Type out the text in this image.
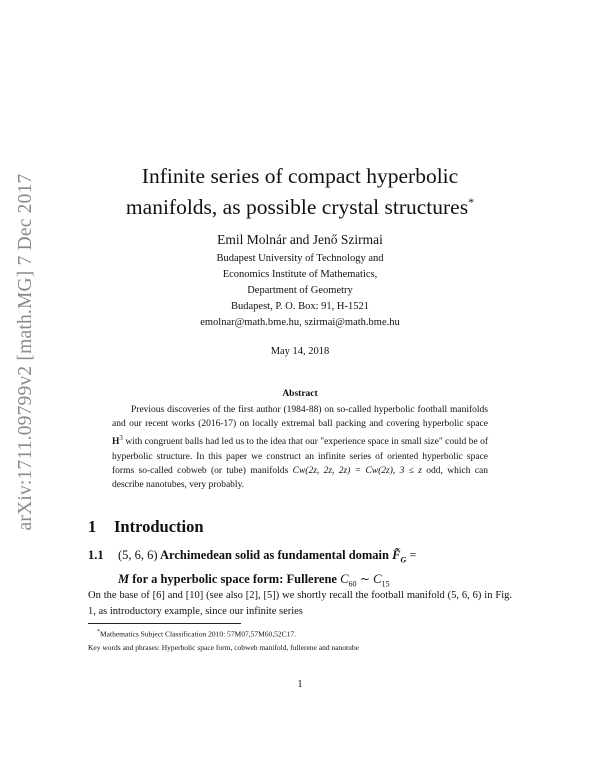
arXiv:1711.09799v2 [math.MG] 7 Dec 2017	Infinite series of compact hyperbolic
manifolds, as possible crystal structures*
Emil Molnár and Jenő Szirmai
Budapest University of Technology and
Economics Institute of Mathematics,
Department of Geometry
Budapest, P. O. Box: 91, H-1521
emolnar@math.bme.hu, szirmai@math.bme.hu
May 14, 2018
Abstract

Previous discoveries of the first author (1984-88) on so-called hyperbolic football manifolds and our recent works (2016-17) on locally extremal ball packing and covering hyperbolic space $H^3$ with congruent balls had led us to the idea that our "experience space in small size" could be of hyperbolic structure. In this paper we construct an infinite series of oriented hyperbolic space forms so-called cobweb (or tube) manifolds Cw(2z, 2z, 2z) = Cw(2z), 3 ≤ z odd, which can describe nanotubes, very probably.

1 Introduction
1.1 (5, 6, 6) Archimedean solid as fundamental domain $F̃_G$ =
M for a hyperbolic space form: Fullerene $C_{60}$ ∼ $C_{15}$

On the base of [6] and [10] (see also [2], [5]) we shortly recall the football manifold (5, 6, 6) in Fig. 1, as introductory example, since our infinite series

*Mathematics Subject Classification 2010: 57M07,57M60,52C17.

Key words and phrases: Hyperbolic space form, cobweb manifold, fullerene and nanotube

1
